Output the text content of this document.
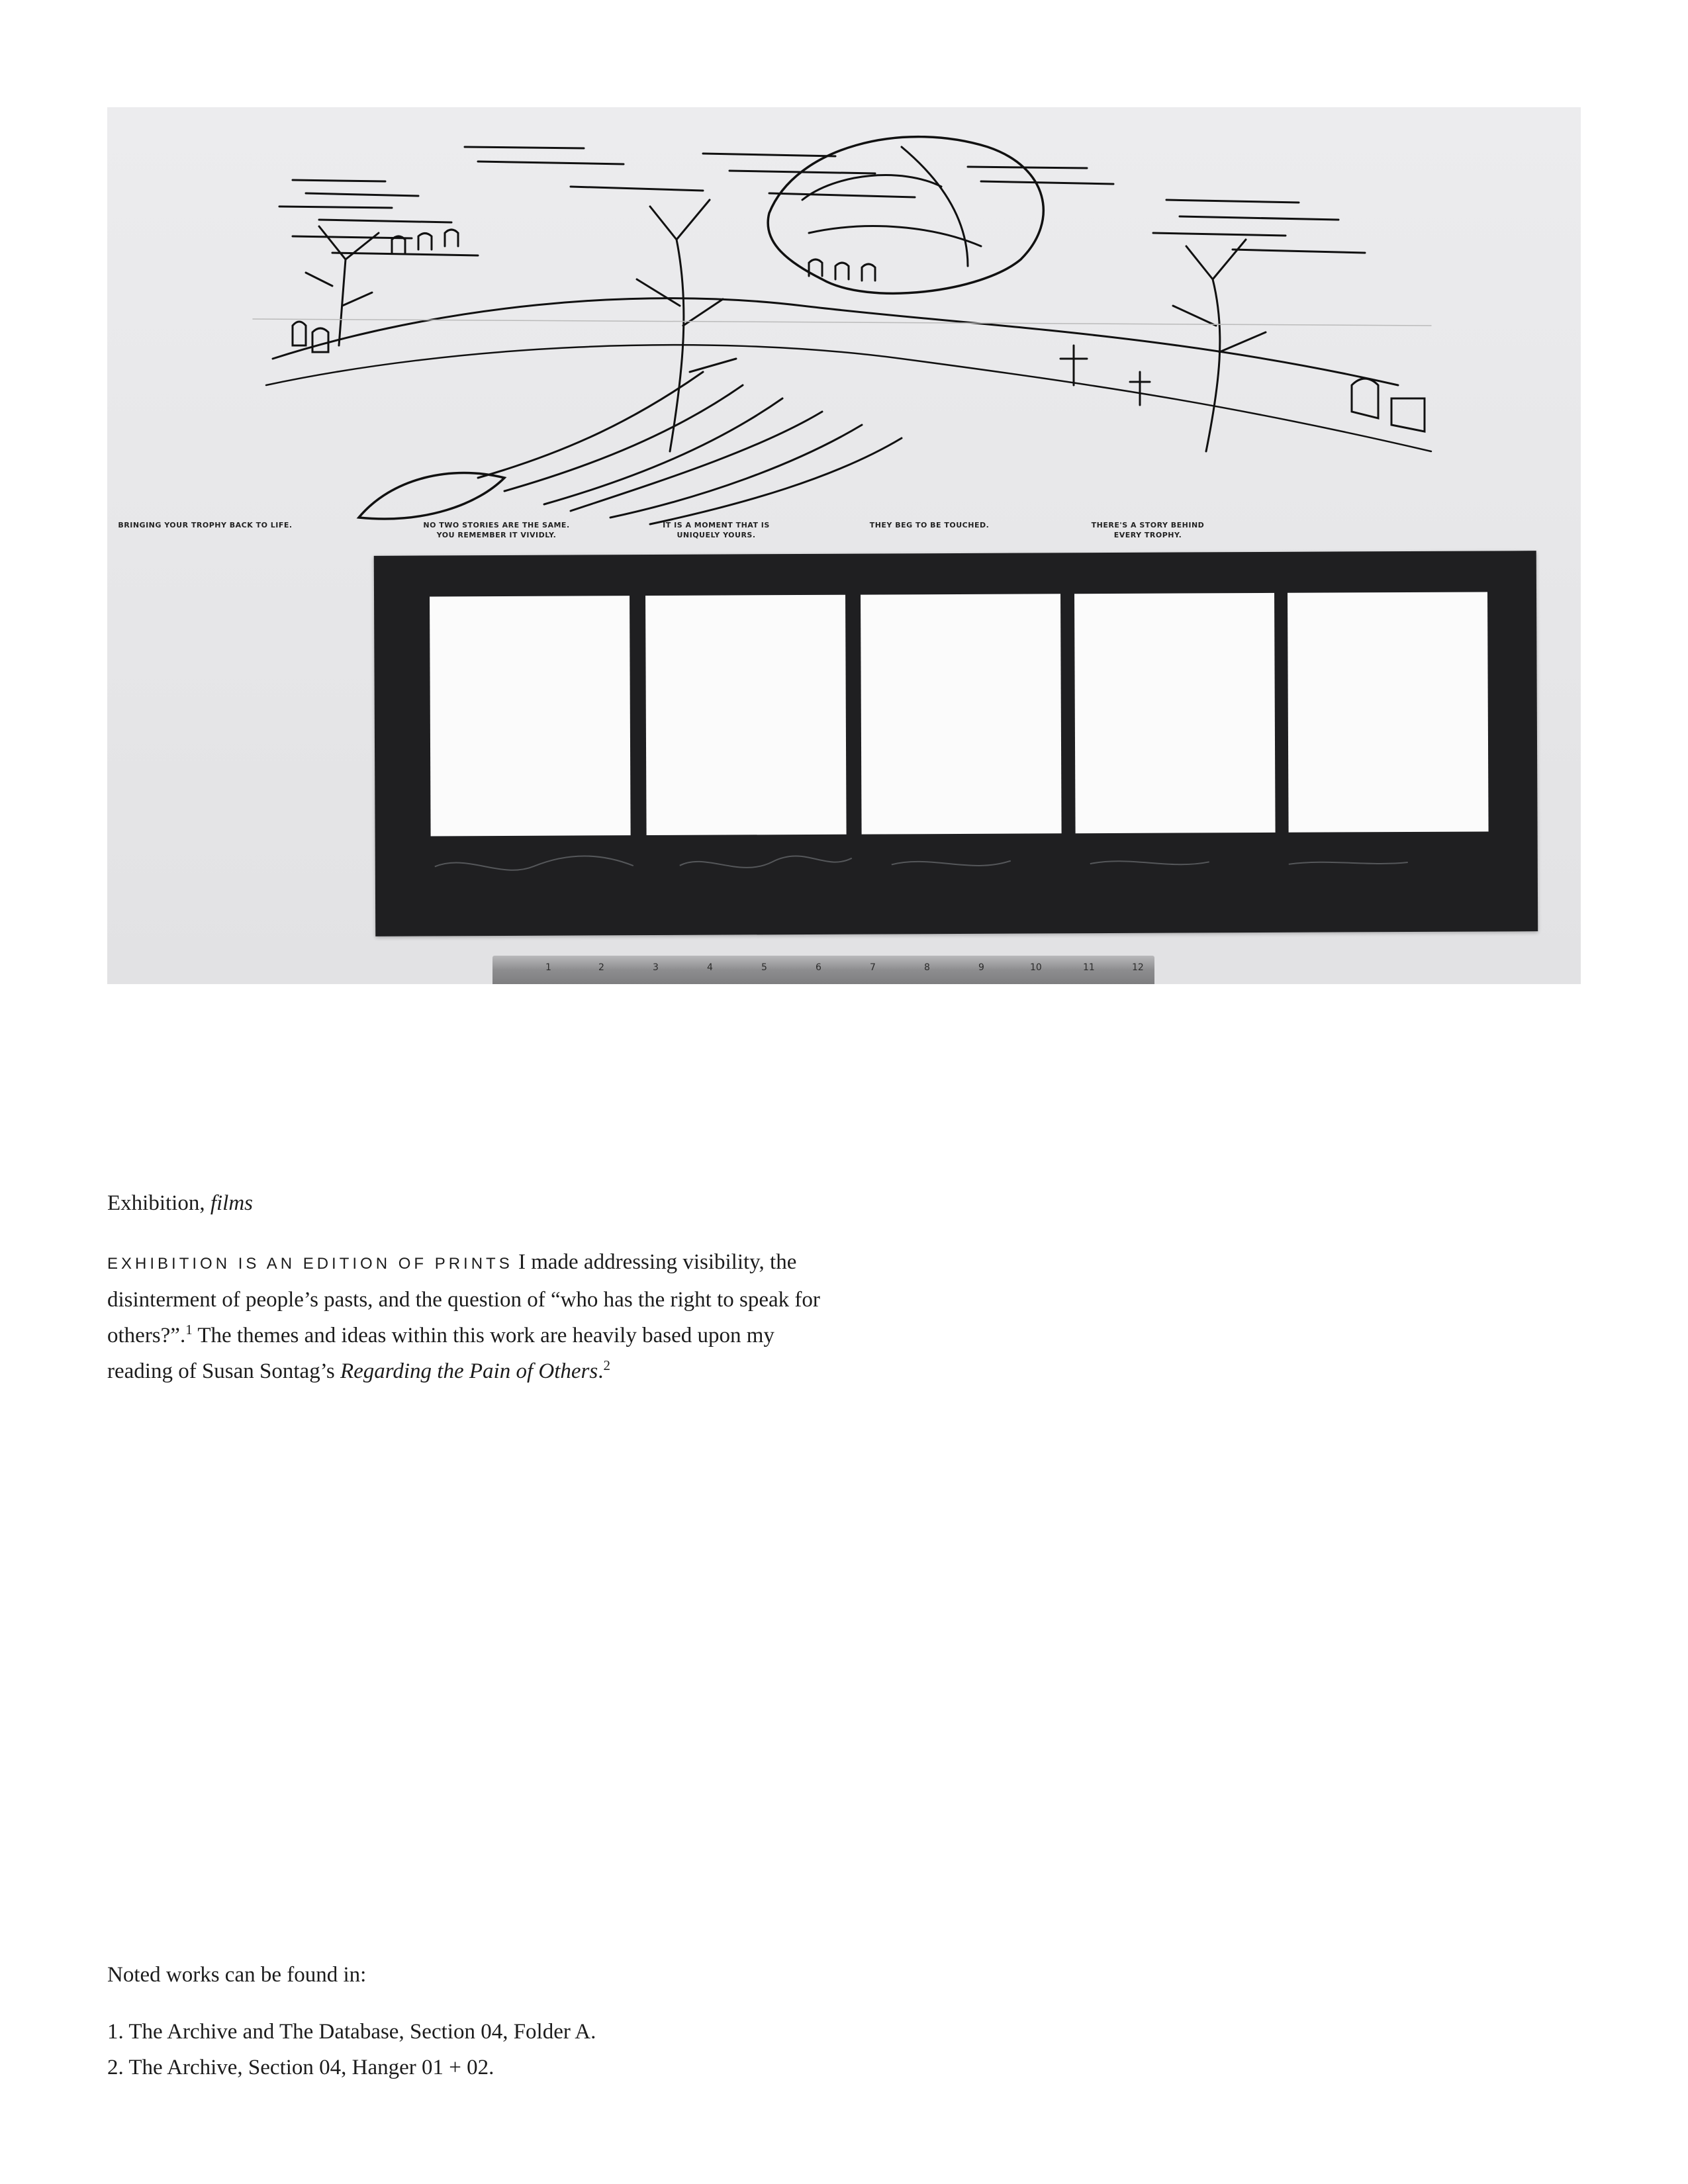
BRINGING YOUR TROPHY BACK TO LIFE.	NO TWO STORIES ARE THE SAME.
YOU REMEMBER IT VIVIDLY.
IT IS A MOMENT THAT IS
UNIQUELY YOURS.
THEY BEG TO BE TOUCHED.	THERE'S A STORY BEHIND
EVERY TROPHY.
1	2	3	4	5	6	7	8	9	10	11	12
Exhibition, films

EXHIBITION IS AN EDITION OF PRINTS I made addressing visibility, the disinterment of people’s pasts, and the question of “who has the right to speak for others?”.$^1$ The themes and ideas within this work are heavily based upon my reading of Susan Sontag’s Regarding the Pain of Others.$^2$

Noted works can be found in:

1. The Archive and The Database, Section 04, Folder A.
2. The Archive, Section 04, Hanger 01 + 02.
